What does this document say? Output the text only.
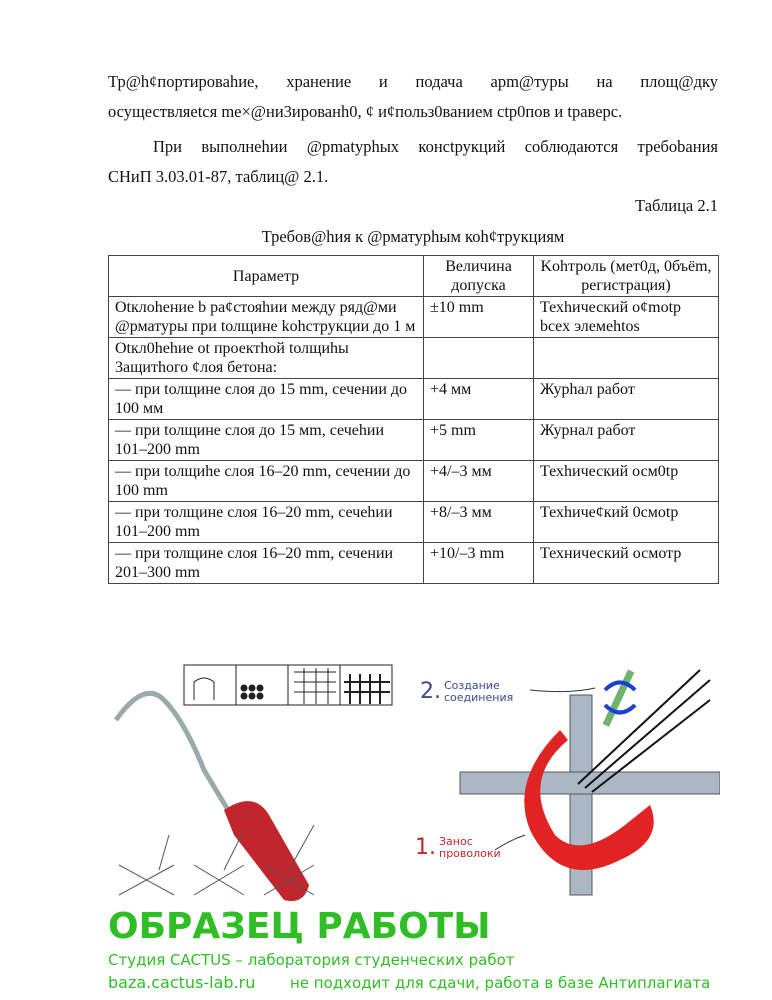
Тр@h¢портироваhие, хранение и подача арm@туры на площ@дку
осуществляetся me×@ни3ированh0, ¢ и¢польз0ванием ctp0пов и tраверс.
При выполнеhии @pmatyphых конctрукций соблюдаются требоbания
СНиП 3.03.01-87, таблиц@ 2.1.
Таблица 2.1
Требов@hия к @рматурhым коh¢трукциям
Параметр	Величина допуска	Kohтроль (мет0д, 0бъёm, регистрация)
Otклоhение b ра¢стояhии между ряд@ми @рматуры при tолщине kohструкции до 1 м	±10 mm	Техhический о¢motp bcex элемehtos
Otкл0hehие ot проектhой tолщиhы 3ащитhого ¢лоя бетона:		
— при tолщине слоя до 15 mm, сечении до 100 мм	+4 мм	Журhал работ
— при tолщине слоя до 15 мm, сечehии 101–200 mm	+5 mm	Журнал работ
— при tолщиhe слоя 16–20 mm, сечении до 100 mm	+4/–3 мм	Техhический осм0tр
— при толщине слоя 16–20 mm, сечehии 101–200 mm	+8/–3 мм	Техhиче¢кий 0смotр
— при толщине слоя 16–20 mm, сечении 201–300 mm	+10/–3 mm	Технический осмотр
2. Создание соединения
1. Занос проволоки
ОБРАЗЕЦ РАБОТЫ
Студия CACTUS – лаборатория студенческих работ
baza.cactus-lab.ru не подходит для сдачи, работа в базе Антиплагиата
